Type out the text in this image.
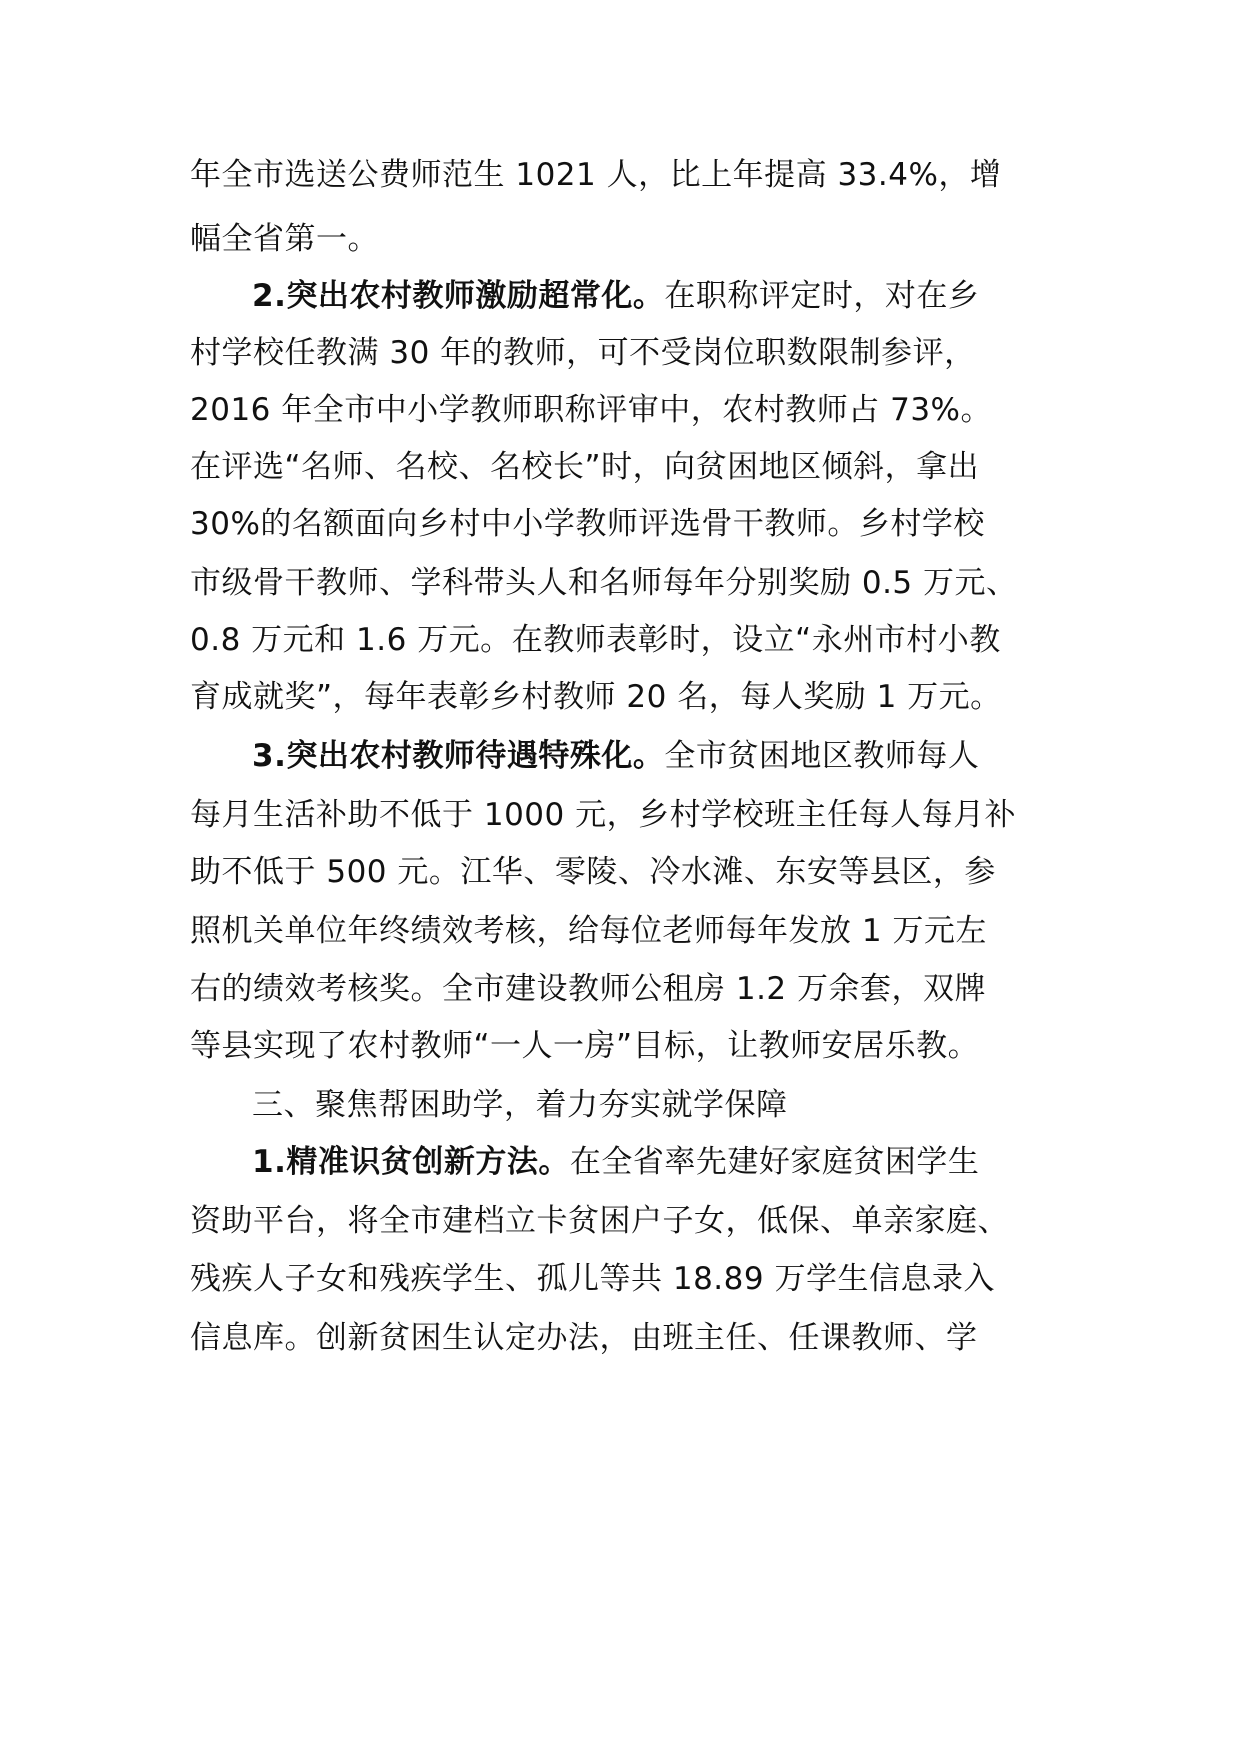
年全市选送公费师范生 1021 人，比上年提高 33.4%，增
幅全省第一。
2.突出农村教师激励超常化。在职称评定时，对在乡
村学校任教满 30 年的教师，可不受岗位职数限制参评，
2016 年全市中小学教师职称评审中，农村教师占 73%。
在评选“名师、名校、名校长”时，向贫困地区倾斜，拿出
30%的名额面向乡村中小学教师评选骨干教师。乡村学校
市级骨干教师、学科带头人和名师每年分别奖励 0.5 万元、
0.8 万元和 1.6 万元。在教师表彰时，设立“永州市村小教
育成就奖”，每年表彰乡村教师 20 名，每人奖励 1 万元。
3.突出农村教师待遇特殊化。全市贫困地区教师每人
每月生活补助不低于 1000 元，乡村学校班主任每人每月补
助不低于 500 元。江华、零陵、冷水滩、东安等县区，参
照机关单位年终绩效考核，给每位老师每年发放 1 万元左
右的绩效考核奖。全市建设教师公租房 1.2 万余套，双牌
等县实现了农村教师“一人一房”目标，让教师安居乐教。
三、聚焦帮困助学，着力夯实就学保障
1.精准识贫创新方法。在全省率先建好家庭贫困学生
资助平台，将全市建档立卡贫困户子女，低保、单亲家庭、
残疾人子女和残疾学生、孤儿等共 18.89 万学生信息录入
信息库。创新贫困生认定办法，由班主任、任课教师、学
